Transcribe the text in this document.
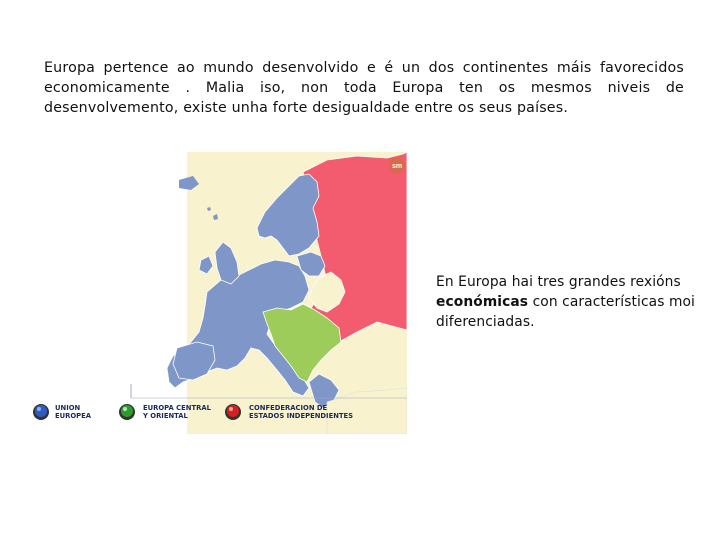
Europa pertence ao mundo desenvolvido e é un dos continentes máis favorecidos economicamente . Malia iso, non toda Europa ten os mesmos niveis de desenvolvemento, existe unha forte desigualdade entre os seus países.
sm
UNION
EUROPEA
EUROPA CENTRAL
Y ORIENTAL
CONFEDERACION DE
ESTADOS INDEPENDIENTES
En Europa hai tres grandes rexións económicas con características moi diferenciadas.
